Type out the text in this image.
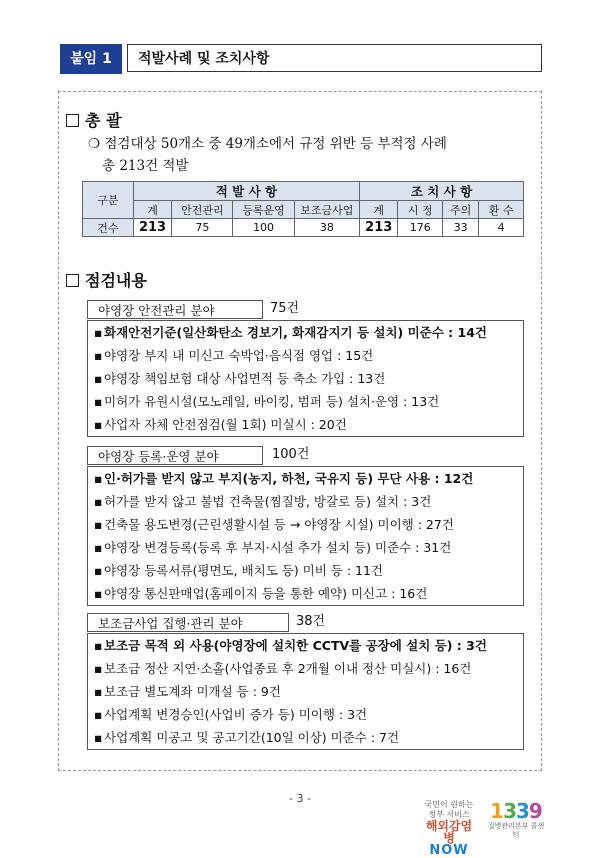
붙임 1	적발사례 및 조치사항
총 괄
❍ 점검대상 50개소 중 49개소에서 규정 위반 등 부적정 사례
총 213건 적발
구분	적 발 사 항				조 치 사 항			
	계	안전관리	등록운영	보조금사업	계	시 정	주의	환 수
건수	213	75	100	38	213	176	33	4
점검내용
야영장 안전관리 분야	75건
▪ 화재안전기준(일산화탄소 경보기, 화재감지기 등 설치) 미준수 : 14건
▪ 야영장 부지 내 미신고 숙박업·음식점 영업 : 15건
▪ 야영장 책임보험 대상 사업면적 등 축소 가입 : 13건
▪ 미허가 유원시설(모노레일, 바이킹, 범퍼 등) 설치·운영 : 13건
▪ 사업자 자체 안전점검(월 1회) 미실시 : 20건
야영장 등록·운영 분야	100건
▪ 인·허가를 받지 않고 부지(농지, 하천, 국유지 등) 무단 사용 : 12건
▪ 허가를 받지 않고 불법 건축물(찜질방, 방갈로 등) 설치 : 3건
▪ 건축물 용도변경(근린생활시설 등 → 야영장 시설) 미이행 : 27건
▪ 야영장 변경등록(등록 후 부지·시설 추가 설치 등) 미준수 : 31건
▪ 야영장 등록서류(평면도, 배치도 등) 미비 등 : 11건
▪ 야영장 통신판매업(홈페이지 등을 통한 예약) 미신고 : 16건
보조금사업 집행·관리 분야	38건
▪ 보조금 목적 외 사용(야영장에 설치한 CCTV를 공장에 설치 등) : 3건
▪ 보조금 정산 지연·소홀(사업종료 후 2개월 이내 정산 미실시) : 16건
▪ 보조금 별도계좌 미개설 등 : 9건
▪ 사업계획 변경승인(사업비 증가 등) 미이행 : 3건
▪ 사업계획 미공고 및 공고기간(10일 이상) 미준수 : 7건
- 3 -	국민이 원하는 정부 서비스
해외감염병
NOW
1339
질병관리본부 콜센터
